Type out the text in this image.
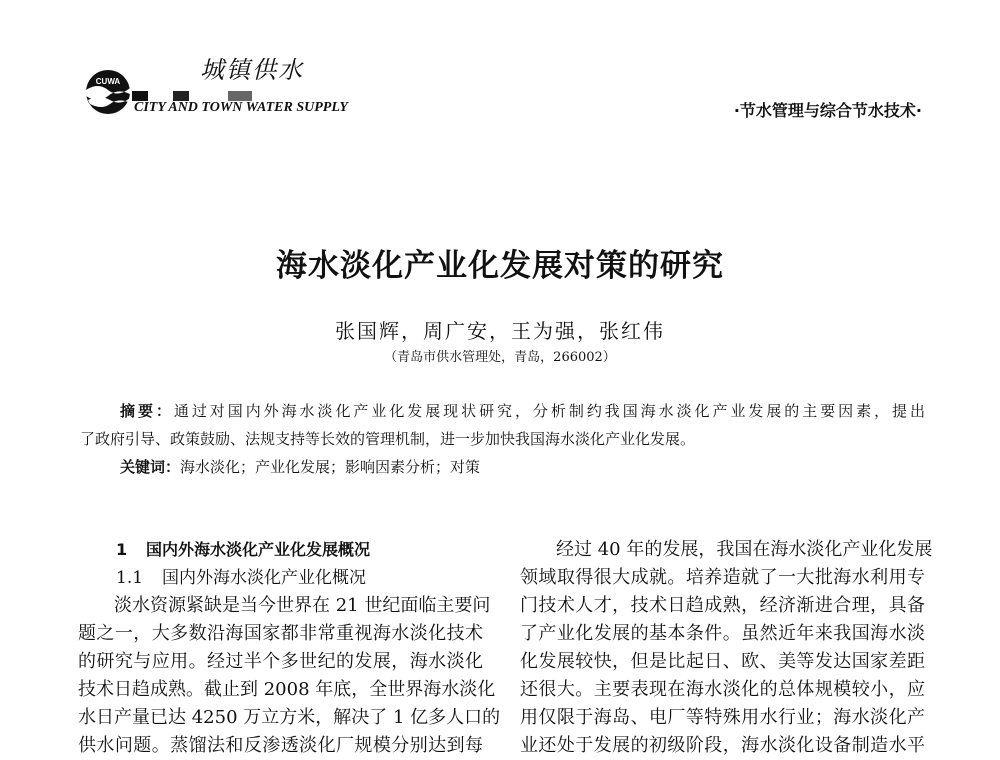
CUWA
	城镇供水
CITY AND TOWN WATER SUPPLY	·节水管理与综合节水技术·
海水淡化产业化发展对策的研究
张国辉，周广安，王为强，张红伟
（青岛市供水管理处，青岛，266002）
摘要：通过对国内外海水淡化产业化发展现状研究，分析制约我国海水淡化产业发展的主要因素，提出
了政府引导、政策鼓励、法规支持等长效的管理机制，进一步加快我国海水淡化产业化发展。
关键词：海水淡化；产业化发展；影响因素分析；对策
1 国内外海水淡化产业化发展概况
1.1 国内外海水淡化产业化概况
淡水资源紧缺是当今世界在 21 世纪面临主要问
题之一，大多数沿海国家都非常重视海水淡化技术
的研究与应用。经过半个多世纪的发展，海水淡化
技术日趋成熟。截止到 2008 年底，全世界海水淡化
水日产量已达 4250 万立方米，解决了 1 亿多人口的
供水问题。蒸馏法和反渗透淡化厂规模分别达到每
经过 40 年的发展，我国在海水淡化产业化发展
领域取得很大成就。培养造就了一大批海水利用专
门技术人才，技术日趋成熟，经济渐进合理，具备
了产业化发展的基本条件。虽然近年来我国海水淡
化发展较快，但是比起日、欧、美等发达国家差距
还很大。主要表现在海水淡化的总体规模较小，应
用仅限于海岛、电厂等特殊用水行业；海水淡化产
业还处于发展的初级阶段，海水淡化设备制造水平
